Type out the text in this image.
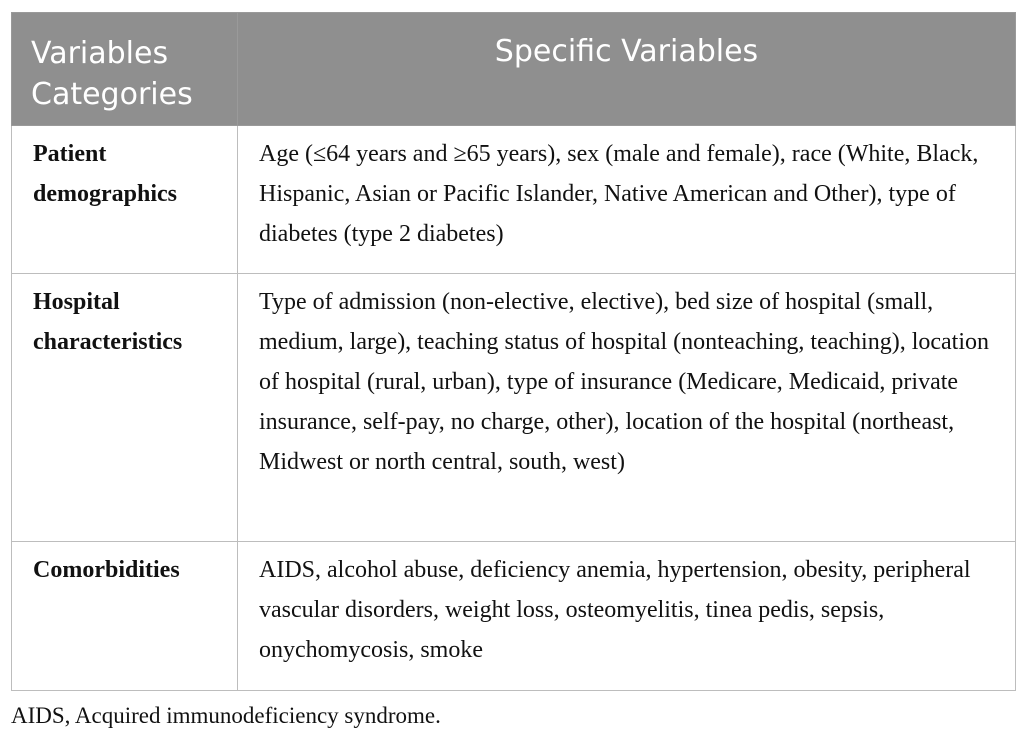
Variables Categories	Specific Variables
Patient demographics	Age (≤64 years and ≥65 years), sex (male and female), race (White, Black, Hispanic, Asian or Pacific Islander, Native American and Other), type of diabetes (type 2 diabetes)
Hospital characteristics	Type of admission (non-elective, elective), bed size of hospital (small, medium, large), teaching status of hospital (nonteaching, teaching), location of hospital (rural, urban), type of insurance (Medicare, Medicaid, private insurance, self-pay, no charge, other), location of the hospital (northeast, Midwest or north central, south, west)
Comorbidities	AIDS, alcohol abuse, deficiency anemia, hypertension, obesity, peripheral vascular disorders, weight loss, osteomyelitis, tinea pedis, sepsis, onychomycosis, smoke
AIDS, Acquired immunodeficiency syndrome.
